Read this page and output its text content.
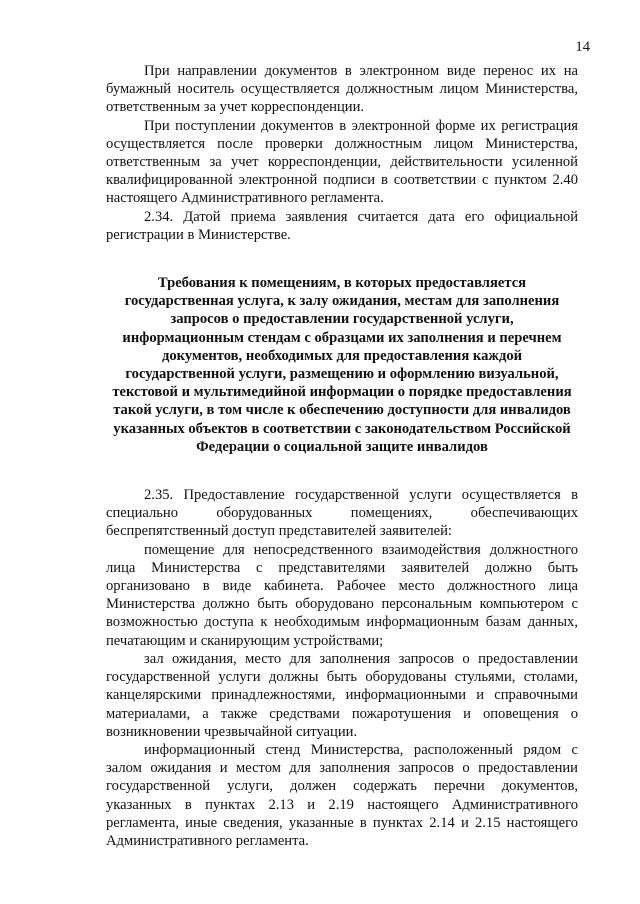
14

При направлении документов в электронном виде перенос их на бумажный носитель осуществляется должностным лицом Министерства, ответственным за учет корреспонденции.

При поступлении документов в электронной форме их регистрация осуществляется после проверки должностным лицом Министерства, ответственным за учет корреспонденции, действительности усиленной квалифицированной электронной подписи в соответствии с пунктом 2.40 настоящего Административного регламента.

2.34. Датой приема заявления считается дата его официальной регистрации в Министерстве.

Требования к помещениям, в которых предоставляется государственная услуга, к залу ожидания, местам для заполнения запросов о предоставлении государственной услуги, информационным стендам с образцами их заполнения и перечнем документов, необходимых для предоставления каждой государственной услуги, размещению и оформлению визуальной, текстовой и мультимедийной информации о порядке предоставления такой услуги, в том числе к обеспечению доступности для инвалидов указанных объектов в соответствии с законодательством Российской Федерации о социальной защите инвалидов

2.35. Предоставление государственной услуги осуществляется в специально оборудованных помещениях, обеспечивающих беспрепятственный доступ представителей заявителей:

помещение для непосредственного взаимодействия должностного лица Министерства с представителями заявителей должно быть организовано в виде кабинета. Рабочее место должностного лица Министерства должно быть оборудовано персональным компьютером с возможностью доступа к необходимым информационным базам данных, печатающим и сканирующим устройствами;

зал ожидания, место для заполнения запросов о предоставлении государственной услуги должны быть оборудованы стульями, столами, канцелярскими принадлежностями, информационными и справочными материалами, а также средствами пожаротушения и оповещения о возникновении чрезвычайной ситуации.

информационный стенд Министерства, расположенный рядом с залом ожидания и местом для заполнения запросов о предоставлении государственной услуги, должен содержать перечни документов, указанных в пунктах 2.13 и 2.19 настоящего Административного регламента, иные сведения, указанные в пунктах 2.14 и 2.15 настоящего Административного регламента.
